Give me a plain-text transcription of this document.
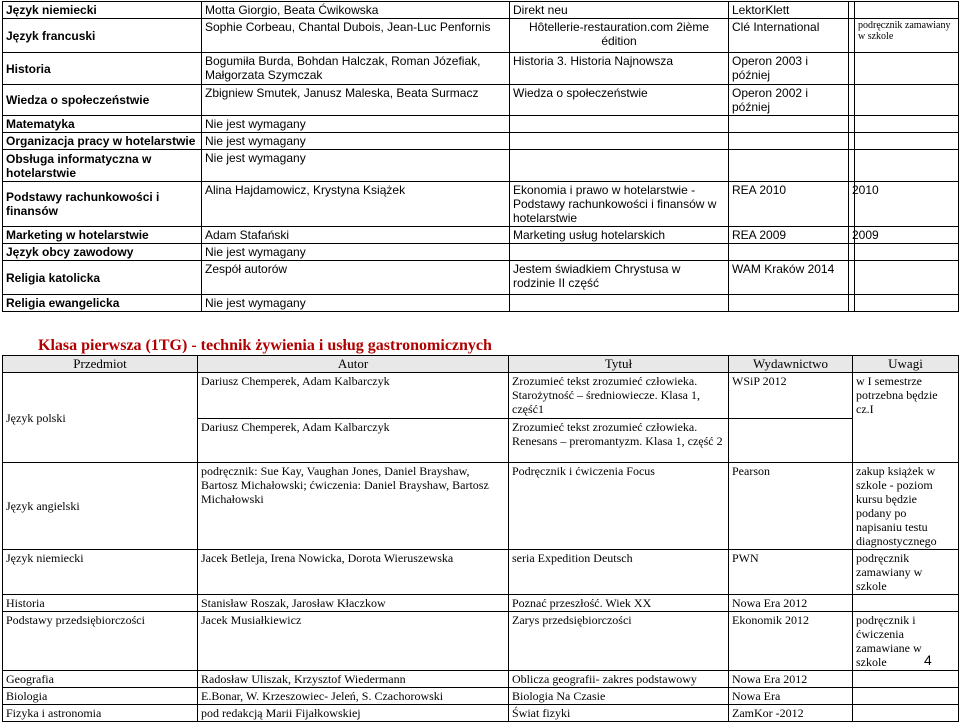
Język niemiecki	Motta Giorgio, Beata Ćwikowska	Direkt neu	LektorKlett		
Język francuski	Sophie Corbeau, Chantal Dubois, Jean-Luc Penfornis	Hôtellerie-restauration.com 2ième édition	Clé International		podręcznik zamawiany w szkole
Historia	Bogumiła Burda, Bohdan Halczak, Roman Józefiak, Małgorzata Szymczak	Historia 3. Historia Najnowsza	Operon 2003 i później		
Wiedza o społeczeństwie	Zbigniew Smutek, Janusz Maleska, Beata Surmacz	Wiedza o społeczeństwie	Operon 2002 i później		
Matematyka	Nie jest wymagany				
Organizacja pracy w hotelarstwie	Nie jest wymagany				
Obsługa informatyczna w hotelarstwie	Nie jest wymagany				
Podstawy rachunkowości i finansów	Alina Hajdamowicz, Krystyna Książek	Ekonomia i prawo w hotelarstwie - Podstawy rachunkowości i finansów w hotelarstwie	REA 2010	2010	
Marketing w hotelarstwie	Adam Stafański	Marketing usług hotelarskich	REA 2009	2009	
Język obcy zawodowy	Nie jest wymagany				
Religia katolicka	Zespół autorów	Jestem świadkiem Chrystusa w rodzinie II część	WAM Kraków 2014		
Religia ewangelicka	Nie jest wymagany				
Klasa pierwsza (1TG) - technik żywienia i usług gastronomicznych
Przedmiot	Autor	Tytuł	Wydawnictwo	Uwagi
Język polski	Dariusz Chemperek, Adam Kalbarczyk	Zrozumieć tekst zrozumieć człowieka. Starożytność – średniowiecze. Klasa 1, część1	WSiP 2012	w I semestrze potrzebna będzie cz.I
	Dariusz Chemperek, Adam Kalbarczyk	Zrozumieć tekst zrozumieć człowieka. Renesans – preromantyzm. Klasa 1, część 2		
Język angielski	podręcznik: Sue Kay, Vaughan Jones, Daniel Brayshaw, Bartosz Michałowski; ćwiczenia: Daniel Brayshaw, Bartosz Michałowski	Podręcznik i ćwiczenia Focus	Pearson	zakup książek w szkole - poziom kursu będzie podany po napisaniu testu diagnostycznego
Język niemiecki	Jacek Betleja, Irena Nowicka, Dorota Wieruszewska	seria Expedition Deutsch	PWN	podręcznik zamawiany w szkole
Historia	Stanisław Roszak, Jarosław Kłaczkow	Poznać przeszłość. Wiek XX	Nowa Era 2012	
Podstawy przedsiębiorczości	Jacek Musiałkiewicz	Zarys przedsiębiorczości	Ekonomik 2012	podręcznik i ćwiczenia zamawiane w szkole
Geografia	Radosław Uliszak, Krzysztof Wiedermann	Oblicza geografii- zakres podstawowy	Nowa Era 2012	
Biologia	E.Bonar, W. Krzeszowiec- Jeleń, S. Czachorowski	Biologia Na Czasie	Nowa Era	
Fizyka i astronomia	pod redakcją Marii Fijałkowskiej	Świat fizyki	ZamKor -2012	
4
